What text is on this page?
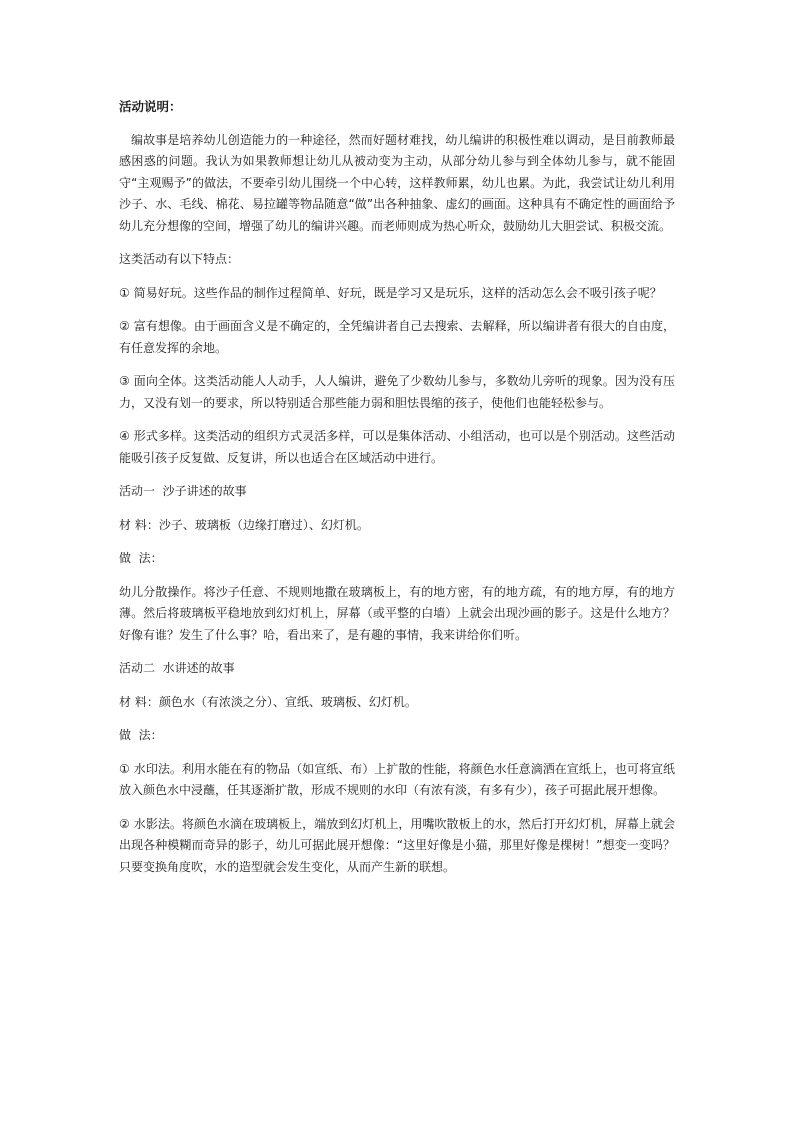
活动说明：

编故事是培养幼儿创造能力的一种途径，然而好题材难找，幼儿编讲的积极性难以调动，是目前教师最感困惑的问题。我认为如果教师想让幼儿从被动变为主动，从部分幼儿参与到全体幼儿参与，就不能固守“主观赐予”的做法，不要牵引幼儿围绕一个中心转，这样教师累，幼儿也累。为此，我尝试让幼儿利用沙子、水、毛线、棉花、易拉罐等物品随意“做”出各种抽象、虚幻的画面。这种具有不确定性的画面给予幼儿充分想像的空间，增强了幼儿的编讲兴趣。而老师则成为热心听众，鼓励幼儿大胆尝试、积极交流。

这类活动有以下特点：

① 简易好玩。这些作品的制作过程简单、好玩，既是学习又是玩乐，这样的活动怎么会不吸引孩子呢？

② 富有想像。由于画面含义是不确定的，全凭编讲者自己去搜索、去解释，所以编讲者有很大的自由度，有任意发挥的余地。

③ 面向全体。这类活动能人人动手，人人编讲，避免了少数幼儿参与，多数幼儿旁听的现象。因为没有压力，又没有划一的要求，所以特别适合那些能力弱和胆怯畏缩的孩子，使他们也能轻松参与。

④ 形式多样。这类活动的组织方式灵活多样，可以是集体活动、小组活动，也可以是个别活动。这些活动能吸引孩子反复做、反复讲，所以也适合在区域活动中进行。

活动一  沙子讲述的故事

材 料：沙子、玻璃板（边缘打磨过）、幻灯机。

做  法：

幼儿分散操作。将沙子任意、不规则地撒在玻璃板上，有的地方密，有的地方疏，有的地方厚，有的地方薄。然后将玻璃板平稳地放到幻灯机上，屏幕（或平整的白墙）上就会出现沙画的影子。这是什么地方？好像有谁？发生了什么事？哈，看出来了，是有趣的事情，我来讲给你们听。

活动二  水讲述的故事

材 料：颜色水（有浓淡之分）、宣纸、玻璃板、幻灯机。

做  法：

① 水印法。利用水能在有的物品（如宣纸、布）上扩散的性能，将颜色水任意滴洒在宣纸上，也可将宣纸放入颜色水中浸蘸，任其逐渐扩散，形成不规则的水印（有浓有淡，有多有少），孩子可据此展开想像。

② 水影法。将颜色水滴在玻璃板上，端放到幻灯机上，用嘴吹散板上的水，然后打开幻灯机，屏幕上就会出现各种模糊而奇异的影子，幼儿可据此展开想像：“这里好像是小猫，那里好像是棵树！”想变一变吗？只要变换角度吹，水的造型就会发生变化，从而产生新的联想。
